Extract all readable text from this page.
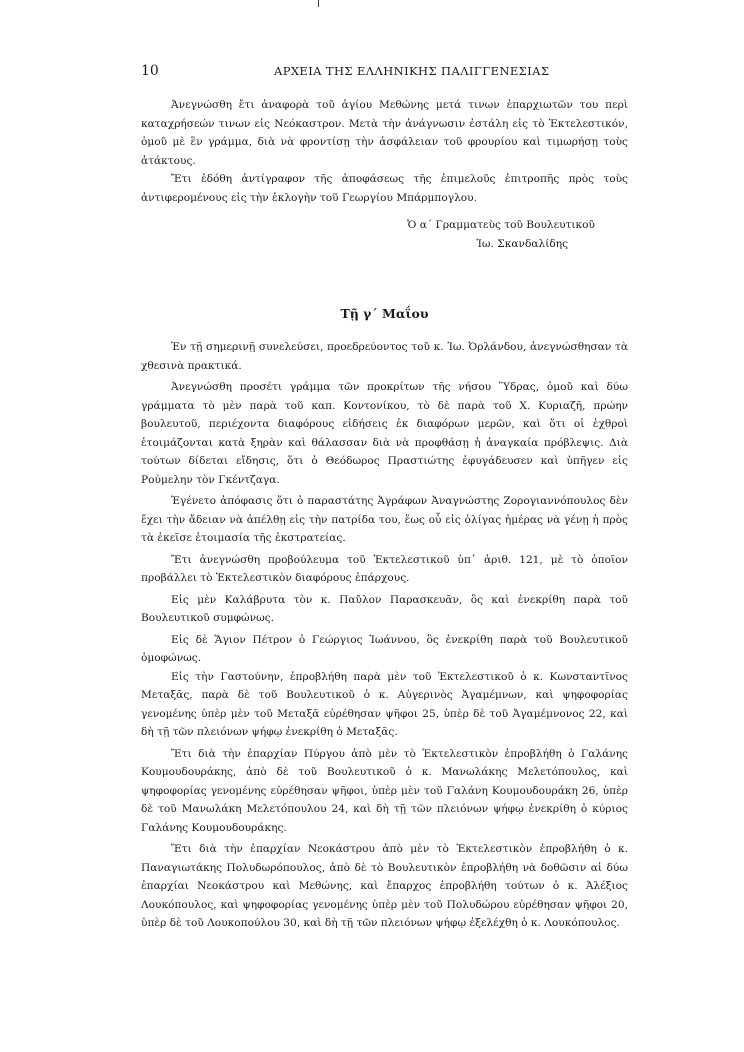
10	ΑΡΧΕΙΑ ΤΗΣ ΕΛΛΗΝΙΚΗΣ ΠΑΛΙΓΓΕΝΕΣΙΑΣ

Ἀνεγνώσθη ἔτι ἀναφορὰ τοῦ ἁγίου Μεθώνης μετά τινων ἐπαρχιωτῶν του περὶ καταχρήσεών τινων εἰς Νεόκαστρον. Μετὰ τὴν ἀνάγνωσιν ἐστάλη εἰς τὸ Ἐκτελεστικόν, ὁμοῦ μὲ ἓν γράμμα, διὰ νὰ φροντίσῃ τὴν ἀσφάλειαν τοῦ φρουρίου καὶ τιμωρήσῃ τοὺς ἀτάκτους.

Ἔτι ἐδόθη ἀντίγραφον τῆς ἀποφάσεως τῆς ἐπιμελοῦς ἐπιτροπῆς πρὸς τοὺς ἀντιφερομένους εἰς τὴν ἐκλογὴν τοῦ Γεωργίου Μπάρμπογλου.

Ὁ α΄ Γραμματεὺς τοῦ Βουλευτικοῦ

Ἰω. Σκανδαλίδης

Τῇ γ΄ Μαΐου

Ἐν τῇ σημερινῇ συνελεύσει, προεδρεύοντος τοῦ κ. Ἰω. Ὀρλάνδου, ἀνεγνώσθησαν τὰ χθεσινὰ πρακτικά.

Ἀνεγνώσθη προσέτι γράμμα τῶν προκρίτων τῆς νήσου Ὕδρας, ὁμοῦ καὶ δύω γράμματα τὸ μὲν παρὰ τοῦ καπ. Κοντονίκου, τὸ δὲ παρὰ τοῦ Χ. Κυριαζῆ, πρώην βουλευτοῦ, περιέχοντα διαφόρους εἰδήσεις ἐκ διαφόρων μερῶν, καὶ ὅτι οἱ ἐχθροὶ ἑτοιμάζονται κατὰ ξηρὰν καὶ θάλασσαν διὰ νὰ προφθάσῃ ἡ ἀναγκαία πρόβλεψις. Διὰ τούτων δίδεται εἴδησις, ὅτι ὁ Θεόδωρος Πραστιώτης ἐφυγάδευσεν καὶ ὑπῆγεν εἰς Ρούμελην τὸν Γκέντζαγα.

Ἐγένετο ἀπόφασις ὅτι ὁ παραστάτης Ἀγράφων Ἀναγνώστης Ζορογιαννόπουλος δὲν ἔχει τὴν ἄδειαν νὰ ἀπέλθῃ εἰς τὴν πατρίδα του, ἕως οὗ εἰς ὀλίγας ἡμέρας νὰ γένῃ ἡ πρὸς τὰ ἐκεῖσε ἑτοιμασία τῆς ἐκστρατείας.

Ἔτι ἀνεγνώσθη προβούλευμα τοῦ Ἐκτελεστικοῦ ὑπ᾽ ἀριθ. 121, μὲ τὸ ὁποῖον προβάλλει τὸ Ἐκτελεστικὸν διαφόρους ἐπάρχους.

Εἰς μὲν Καλάβρυτα τὸν κ. Παῦλον Παρασκευᾶν, ὃς καὶ ἐνεκρίθη παρὰ τοῦ Βουλευτικοῦ συμφώνως.

Εἰς δὲ Ἅγιον Πέτρον ὁ Γεώργιος Ἰωάννου, ὃς ἐνεκρίθη παρὰ τοῦ Βουλευτικοῦ ὁμοφώνως.

Εἰς τὴν Γαστούνην, ἐπροβλήθη παρὰ μὲν τοῦ Ἐκτελεστικοῦ ὁ κ. Κωνσταντῖνος Μεταξᾶς, παρὰ δὲ τοῦ Βουλευτικοῦ ὁ κ. Αὐγερινὸς Ἀγαμέμνων, καὶ ψηφοφορίας γενομένης ὑπὲρ μὲν τοῦ Μεταξᾶ εὑρέθησαν ψῆφοι 25, ὑπὲρ δὲ τοῦ Ἀγαμέμνονος 22, καὶ δὴ τῇ τῶν πλειόνων ψήφῳ ἐνεκρίθη ὁ Μεταξᾶς.

Ἔτι διὰ τὴν ἐπαρχίαν Πύργου ἀπὸ μὲν τὸ Ἐκτελεστικὸν ἐπροβλήθη ὁ Γαλάνης Κουμουδουράκης, ἀπὸ δὲ τοῦ Βουλευτικοῦ ὁ κ. Μανωλάκης Μελετόπουλος, καὶ ψηφοφορίας γενομένης εὑρέθησαν ψῆφοι, ὑπὲρ μὲν τοῦ Γαλάνη Κουμουδουράκη 26, ὑπὲρ δὲ τοῦ Μανωλάκη Μελετόπουλου 24, καὶ δὴ τῇ τῶν πλειόνων ψήφῳ ἐνεκρίθη ὁ κύριος Γαλάνης Κουμουδουράκης.

Ἔτι διὰ τὴν ἐπαρχίαν Νεοκάστρου ἀπὸ μὲν τὸ Ἐκτελεστικὸν ἐπροβλήθη ὁ κ. Παναγιωτάκης Πολυδωρόπουλος, ἀπὸ δὲ τὸ Βουλευτικὸν ἐπροβλήθη νὰ δοθῶσιν αἱ δύω ἐπαρχίαι Νεοκάστρου καὶ Μεθώνης, καὶ ἔπαρχος ἐπροβλήθη τούτων ὁ κ. Ἀλέξιος Λουκόπουλος, καὶ ψηφοφορίας γενομένης ὑπὲρ μὲν τοῦ Πολυδώρου εὑρέθησαν ψῆφοι 20, ὑπὲρ δὲ τοῦ Λουκοπούλου 30, καὶ δὴ τῇ τῶν πλειόνων ψήφῳ ἐξελέχθη ὁ κ. Λουκόπουλος.
